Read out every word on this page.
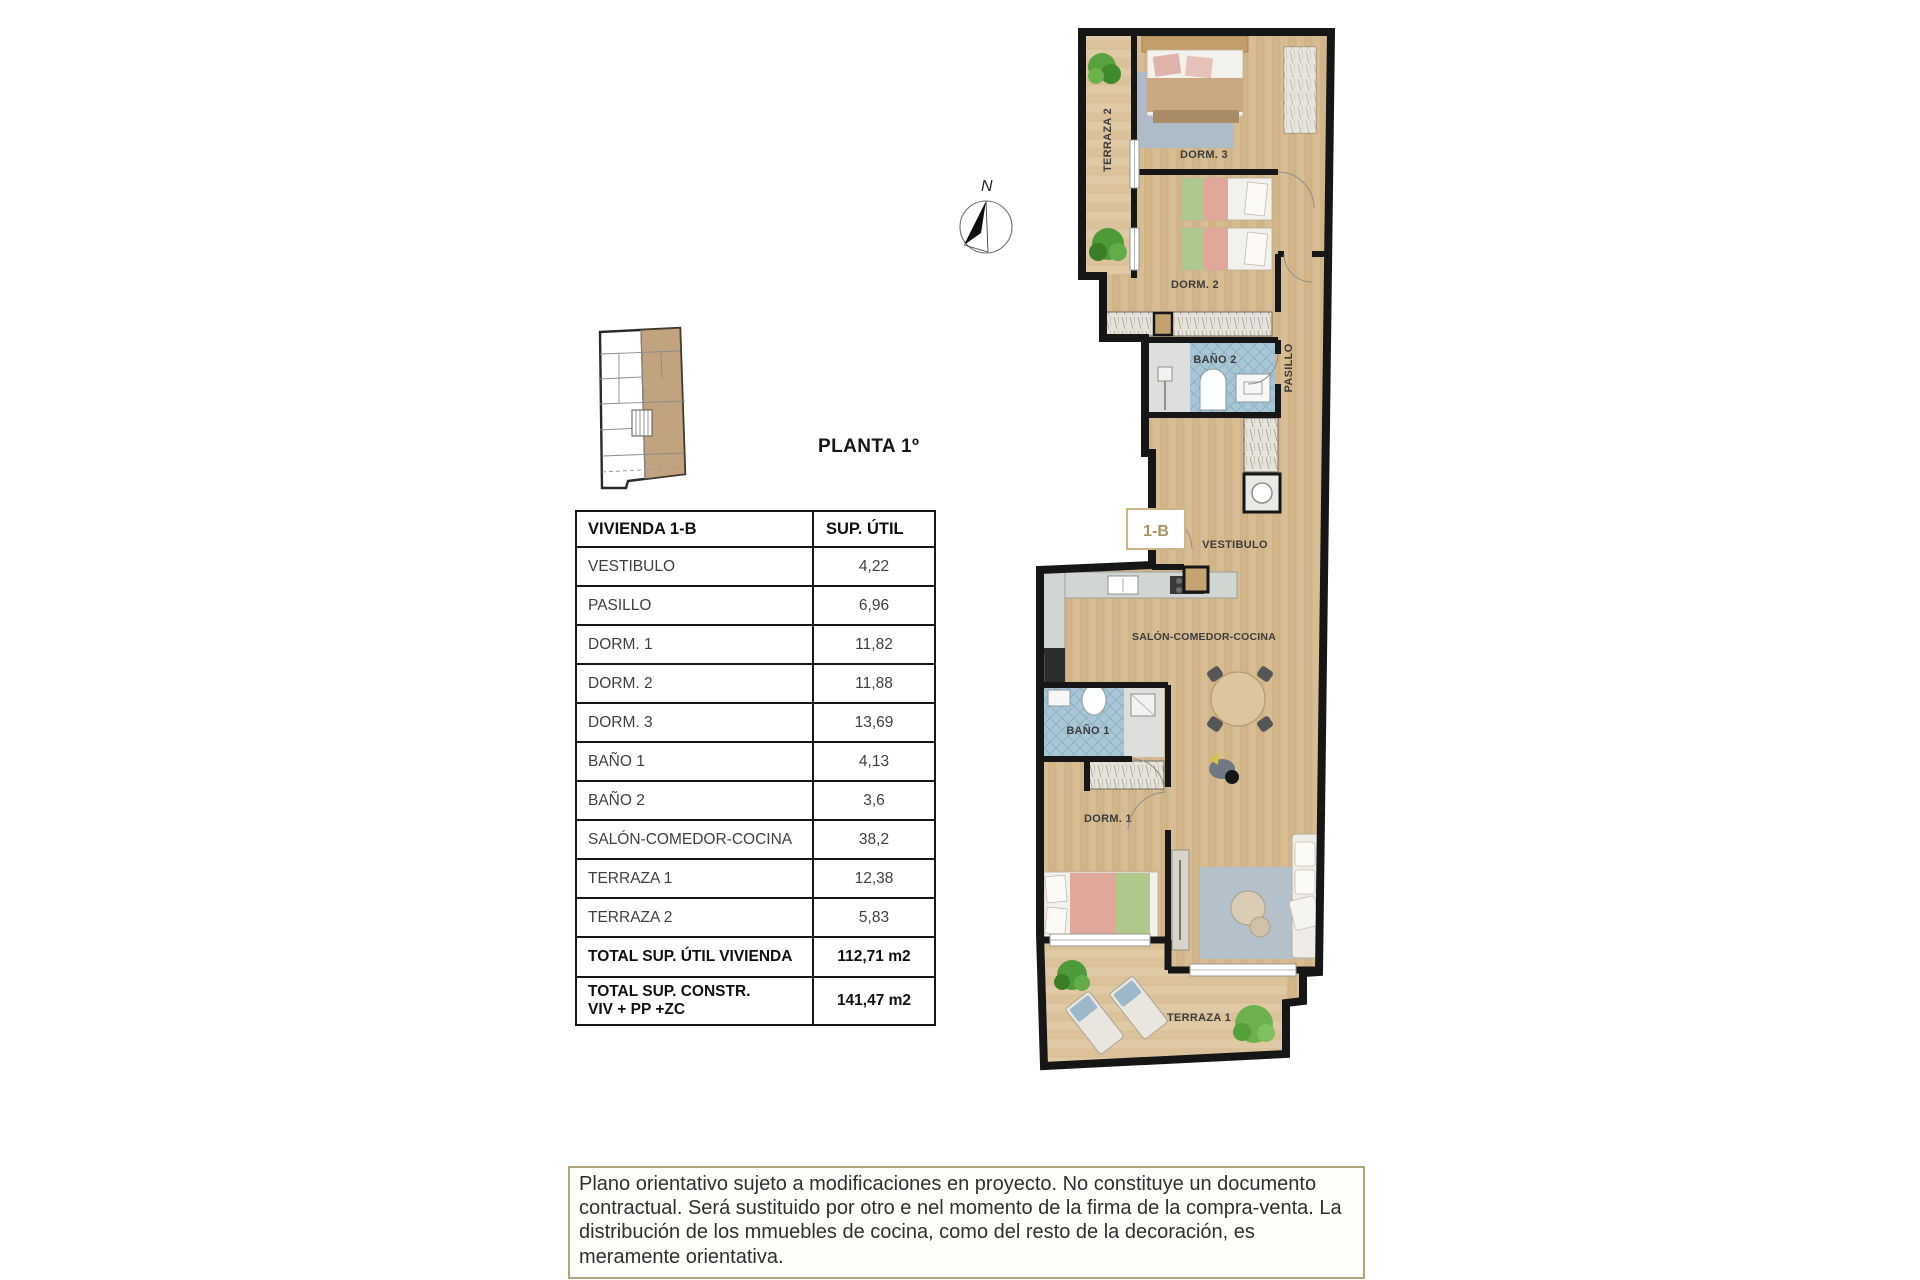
PLANTA 1º
N
VIVIENDA 1-B	SUP. ÚTIL
VESTIBULO	4,22
PASILLO	6,96
DORM. 1	11,82
DORM. 2	11,88
DORM. 3	13,69
BAÑO 1	4,13
BAÑO 2	3,6
SALÓN-COMEDOR-COCINA	38,2
TERRAZA 1	12,38
TERRAZA 2	5,83
TOTAL SUP. ÚTIL VIVIENDA	112,71 m2
TOTAL SUP. CONSTR.
VIV + PP +ZC	141,47 m2
DORM. 3
TERRAZA 2
DORM. 2
BAÑO 2	PASILLO
VESTIBULO
SALÓN-COMEDOR-COCINA
BAÑO 1
DORM. 1
TERRAZA 1
1-B
Plano orientativo sujeto a modificaciones en proyecto. No constituye un documento contractual. Será sustituido por otro e nel momento de la firma de la compra-venta. La distribución de los mmuebles de cocina, como del resto de la decoración, es meramente orientativa.
